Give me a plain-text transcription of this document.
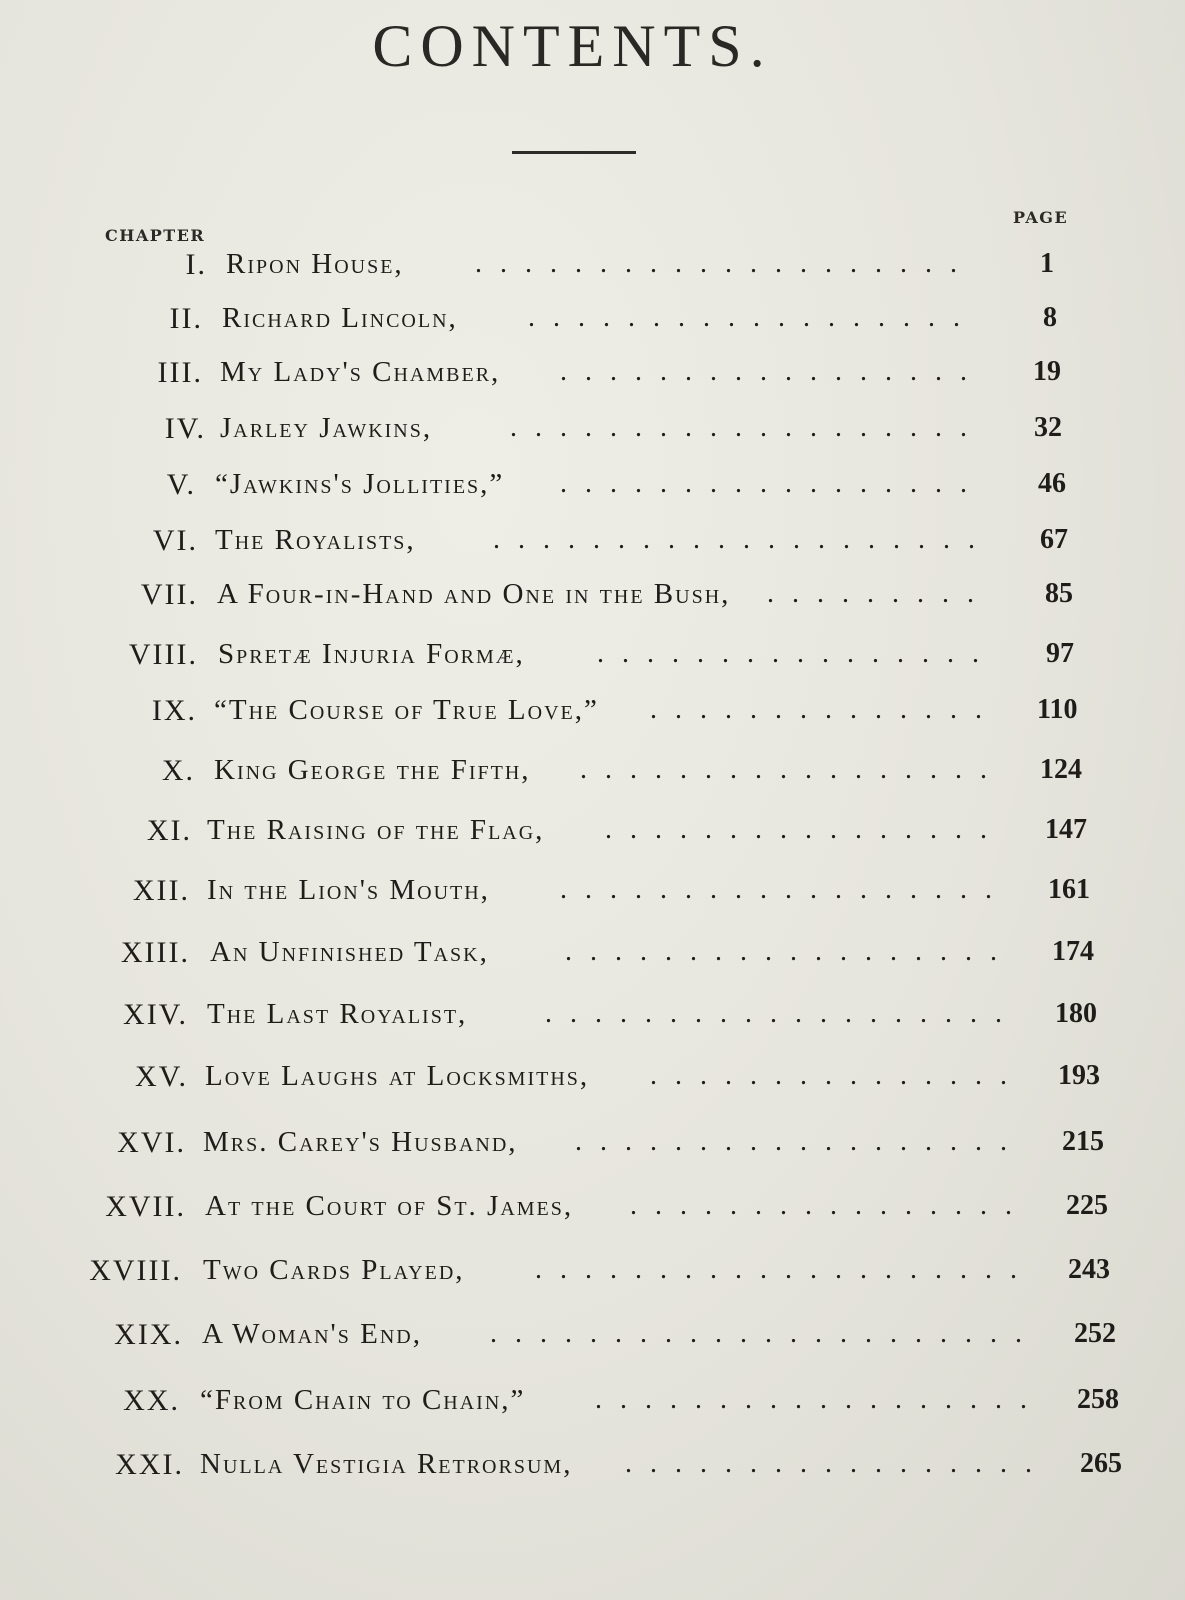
CONTENTS.
CHAPTER
PAGE
I. Ripon House,	.................... 1
II. Richard Lincoln,	.................. 8
III. My Lady's Chamber,	................. 19
IV. Jarley Jawkins,	................... 32
V. “Jawkins's Jollities,”	................. 46
VI. The Royalists,	.................... 67
VII. A Four-in-Hand and One in the Bush,	......... 85
VIII. Spretæ Injuria Formæ,	................ 97
IX. “The Course of True Love,”	.............. 110
X. King George the Fifth,	................. 124
XI. The Raising of the Flag,	................ 147
XII. In the Lion's Mouth,	.................. 161
XIII. An Unfinished Task,	.................. 174
XIV. The Last Royalist,	................... 180
XV. Love Laughs at Locksmiths,	............... 193
XVI. Mrs. Carey's Husband,	.................. 215
XVII. At the Court of St. James,	................ 225
XVIII. Two Cards Played,	.................... 243
XIX. A Woman's End,	...................... 252
XX. “From Chain to Chain,”	.................. 258
XXI. Nulla Vestigia Retrorsum,	................. 265
